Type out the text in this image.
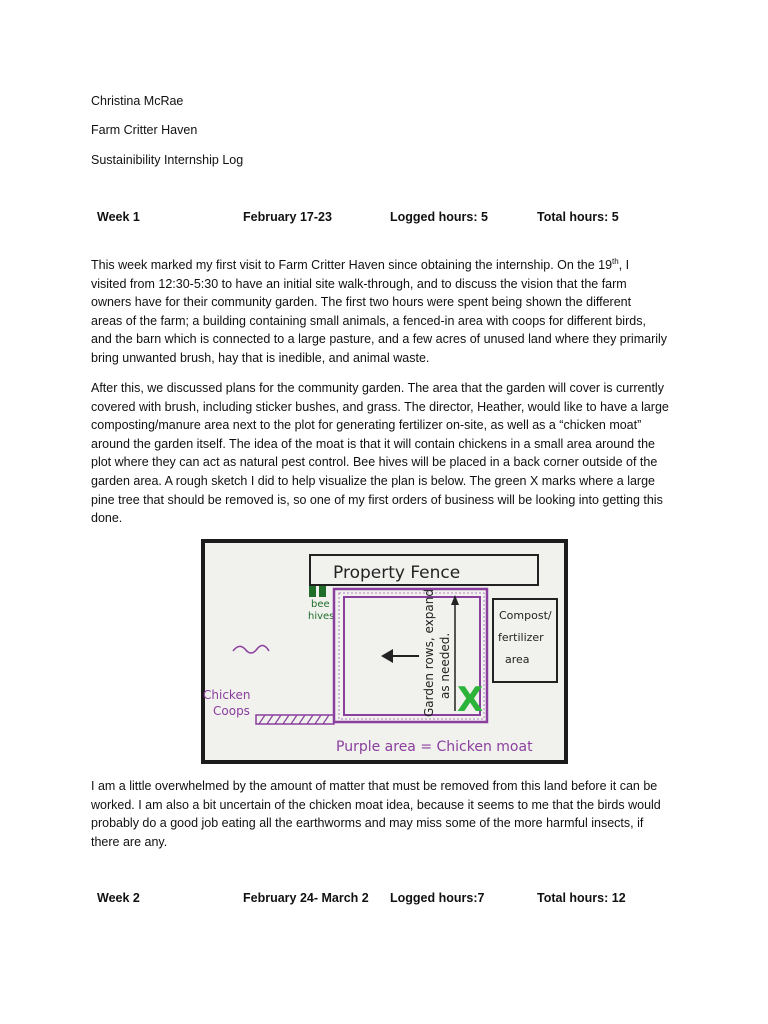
Christina McRae
Farm Critter Haven
Sustainibility Internship Log
Week 1	February 17-23	Logged hours: 5	Total hours: 5
This week marked my first visit to Farm Critter Haven since obtaining the internship. On the 19th, I
visited from 12:30-5:30 to have an initial site walk-through, and to discuss the vision that the farm
owners have for their community garden. The first two hours were spent being shown the different
areas of the farm; a building containing small animals, a fenced-in area with coops for different birds,
and the barn which is connected to a large pasture, and a few acres of unused land where they primarily
bring unwanted brush, hay that is inedible, and animal waste.
After this, we discussed plans for the community garden. The area that the garden will cover is currently
covered with brush, including sticker bushes, and grass. The director, Heather, would like to have a large
composting/manure area next to the plot for generating fertilizer on-site, as well as a “chicken moat”
around the garden itself. The idea of the moat is that it will contain chickens in a small area around the
plot where they can act as natural pest control. Bee hives will be placed in a back corner outside of the
garden area. A rough sketch I did to help visualize the plan is below. The green X marks where a large
pine tree that should be removed is, so one of my first orders of business will be looking into getting this
done.
Property Fence
bee
hives	Garden rows, expand as needed.
X
Compost/
fertilizer
area
Chicken
Coops
Purple area = Chicken moat
I am a little overwhelmed by the amount of matter that must be removed from this land before it can be
worked. I am also a bit uncertain of the chicken moat idea, because it seems to me that the birds would
probably do a good job eating all the earthworms and may miss some of the more harmful insects, if
there are any.
Week 2	February 24- March 2 Logged hours:7	Total hours: 12
